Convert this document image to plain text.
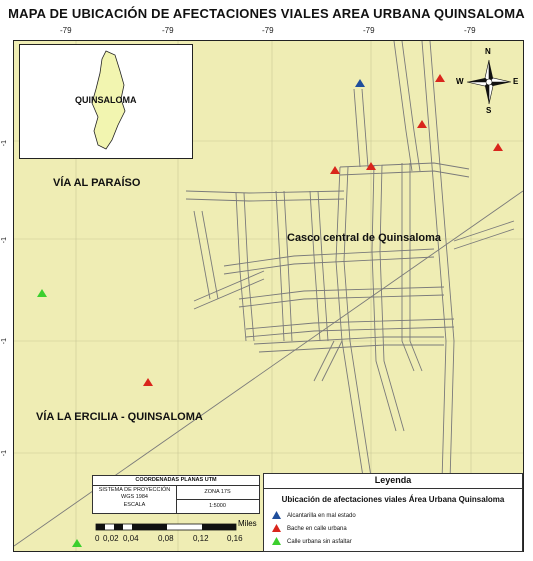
MAPA DE UBICACIÓN DE AFECTACIONES VIALES AREA URBANA QUINSALOMA
-79	-79	-79	-79	-79
-1
-1
-1
-1
VÍA AL PARAÍSO
Casco central de Quinsaloma
VÍA LA ERCILIA - QUINSALOMA
QUINSALOMA
N
S
E
W
COORDENADAS PLANAS UTM
SISTEMA DE PROYECCIÓN
WGS 1984
ESCALA
ZONA 17S
1:5000
Miles
0 0,02 0,04 0,08 0,12 0,16
Leyenda
Ubicación de afectaciones viales Área Urbana Quinsaloma
Alcantarilla en mal estado
Bache en calle urbana
Calle urbana sin asfaltar
